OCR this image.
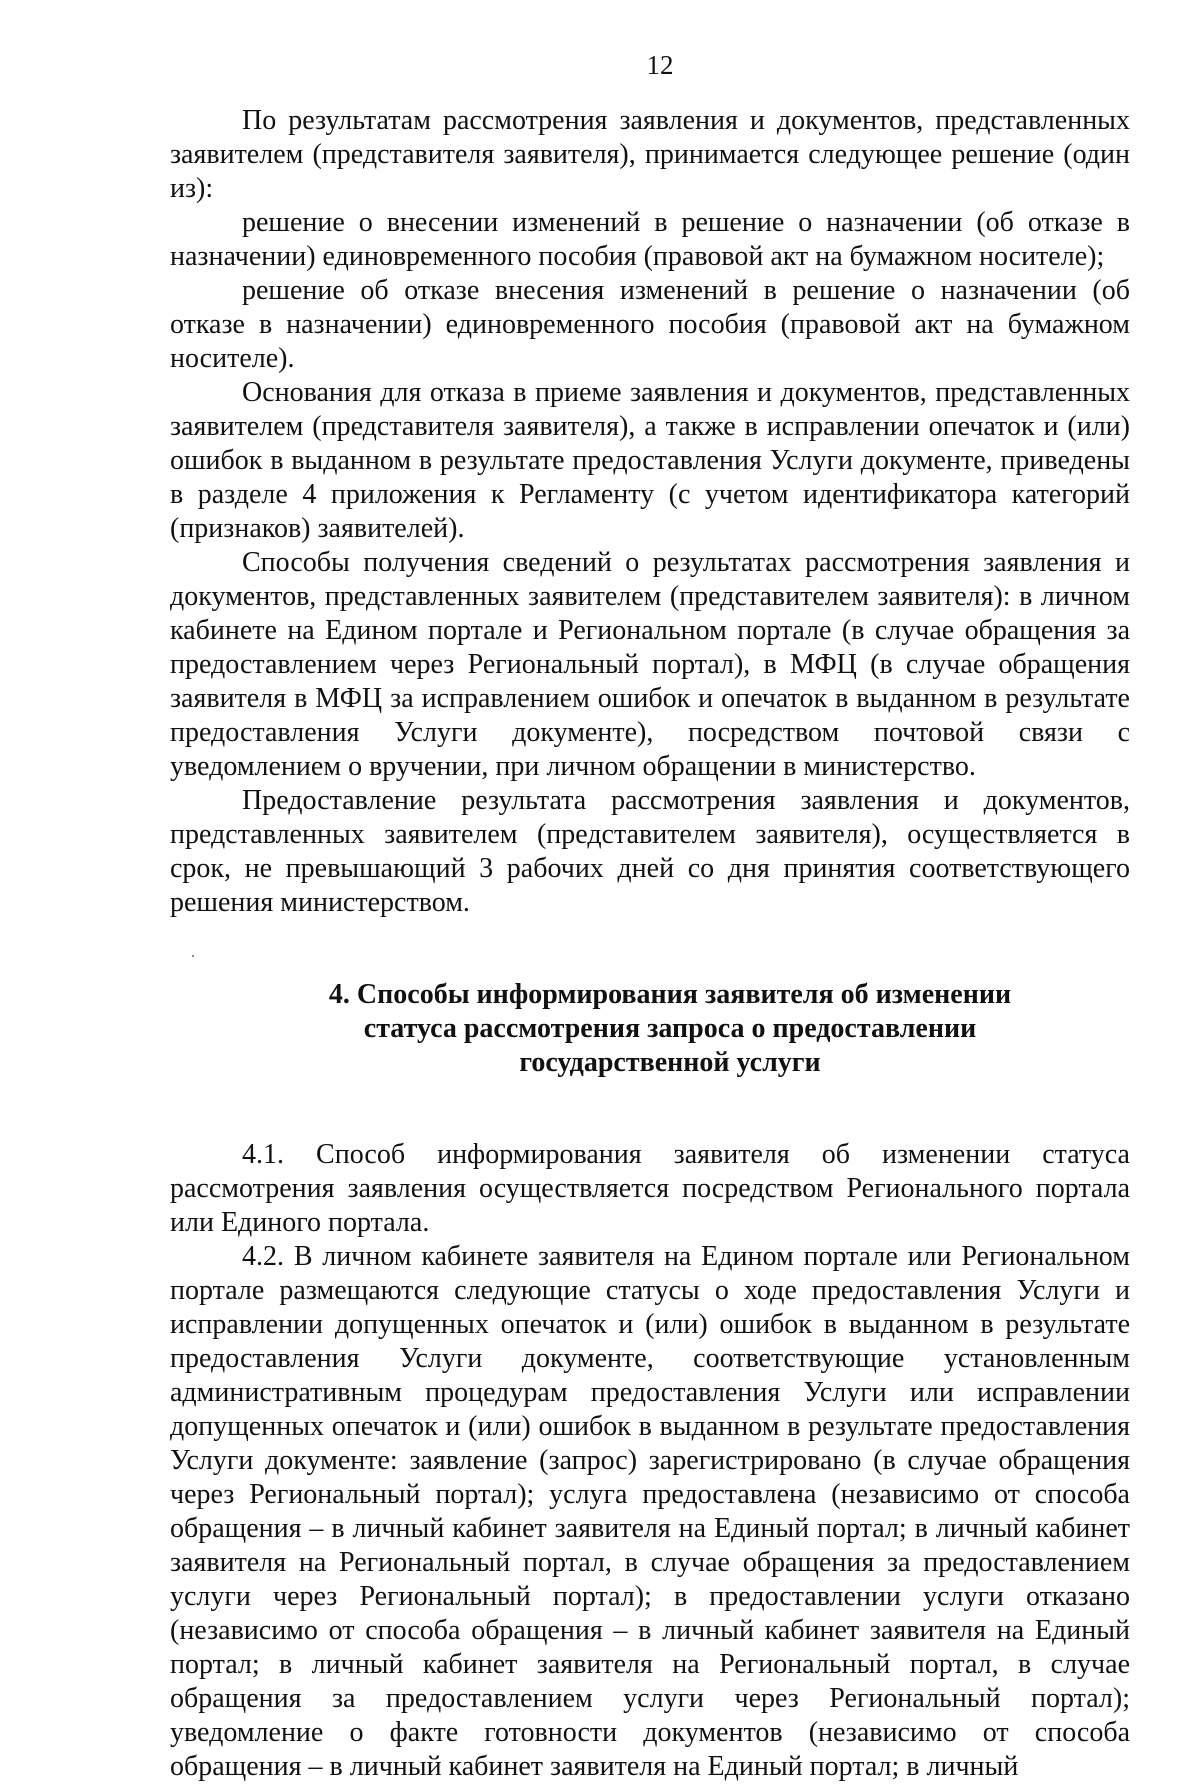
12

По результатам рассмотрения заявления и документов, представленных заявителем (представителя заявителя), принимается следующее решение (один из):

решение о внесении изменений в решение о назначении (об отказе в назначении) единовременного пособия (правовой акт на бумажном носителе);

решение об отказе внесения изменений в решение о назначении (об отказе в назначении) единовременного пособия (правовой акт на бумажном носителе).

Основания для отказа в приеме заявления и документов, представленных заявителем (представителя заявителя), а также в исправлении опечаток и (или) ошибок в выданном в результате предоставления Услуги документе, приведены в разделе 4 приложения к Регламенту (с учетом идентификатора категорий (признаков) заявителей).

Способы получения сведений о результатах рассмотрения заявления и документов, представленных заявителем (представителем заявителя): в личном кабинете на Едином портале и Региональном портале (в случае обращения за предоставлением через Региональный портал), в МФЦ (в случае обращения заявителя в МФЦ за исправлением ошибок и опечаток в выданном в результате предоставления Услуги документе), посредством почтовой связи с уведомлением о вручении, при личном обращении в министерство.

Предоставление результата рассмотрения заявления и документов, представленных заявителем (представителем заявителя), осуществляется в срок, не превышающий 3 рабочих дней со дня принятия соответствующего решения министерством.

4. Способы информирования заявителя об изменении
статуса рассмотрения запроса о предоставлении
государственной услуги

4.1. Способ информирования заявителя об изменении статуса рассмотрения заявления осуществляется посредством Регионального портала или Единого портала.

4.2. В личном кабинете заявителя на Едином портале или Региональном портале размещаются следующие статусы о ходе предоставления Услуги и исправлении допущенных опечаток и (или) ошибок в выданном в результате предоставления Услуги документе, соответствующие установленным административным процедурам предоставления Услуги или исправлении допущенных опечаток и (или) ошибок в выданном в результате предоставления Услуги документе: заявление (запрос) зарегистрировано (в случае обращения через Региональный портал); услуга предоставлена (независимо от способа обращения – в личный кабинет заявителя на Единый портал; в личный кабинет заявителя на Региональный портал, в случае обращения за предоставлением услуги через Региональный портал); в предоставлении услуги отказано (независимо от способа обращения – в личный кабинет заявителя на Единый портал; в личный кабинет заявителя на Региональный портал, в случае обращения за предоставлением услуги через Региональный портал); уведомление о факте готовности документов (независимо от способа обращения – в личный кабинет заявителя на Единый портал; в личный
